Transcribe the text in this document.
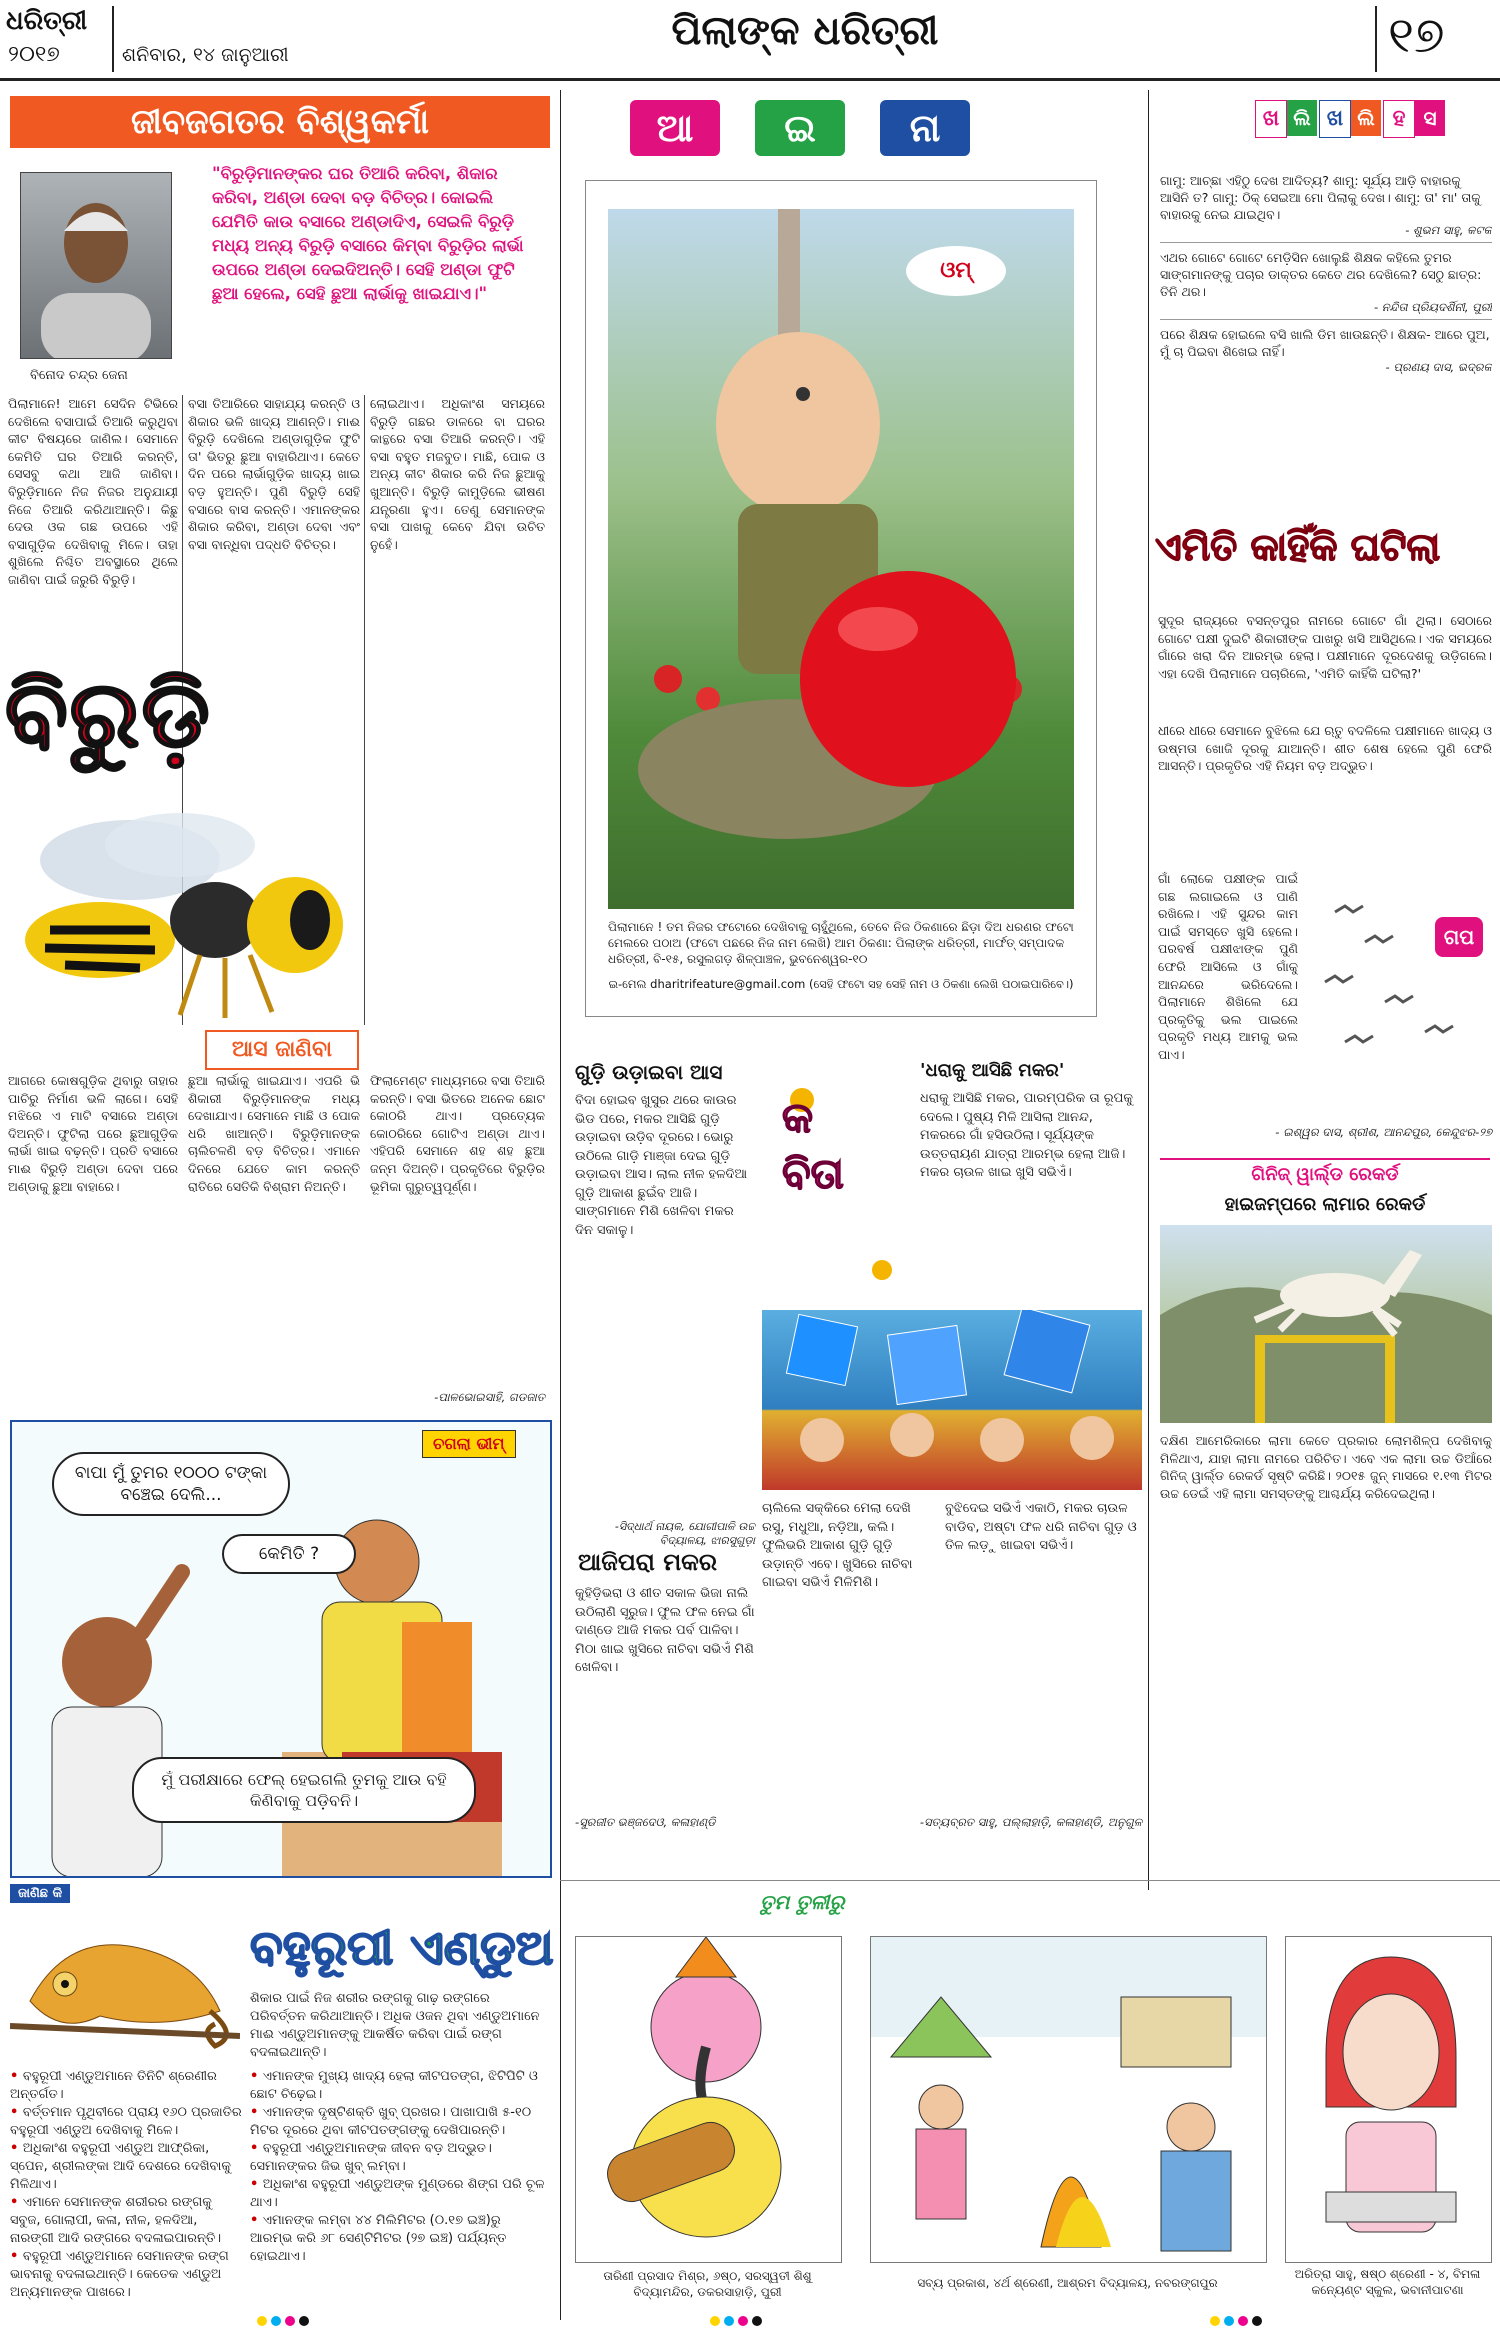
ଧରିତ୍ରୀ
୨୦୧୭	ଶନିବାର, ୧୪ ଜାନୁଆରୀ
ପିଲାଙ୍କ ଧରିତ୍ରୀ	୧୭
ଜୀବଜଗତର ବିଶ୍ୱକର୍ମା
ବିନୋଦ ଚନ୍ଦ୍ର ଜେନା
"ବିରୁଡ଼ିମାନଙ୍କର ଘର ତିଆରି କରିବା, ଶିକାର କରିବା, ଅଣ୍ଡା ଦେବା ବଡ଼ ବିଚିତ୍ର। କୋଇଲି ଯେମିତି କାଉ ବସାରେ ଅଣ୍ଡାଦିଏ, ସେଇଳି ବିରୁଡ଼ି ମଧ୍ୟ ଅନ୍ୟ ବିରୁଡ଼ି ବସାରେ କିମ୍ବା ବିରୁଡ଼ିର ଲାର୍ଭା ଉପରେ ଅଣ୍ଡା ଦେଇଦିଅନ୍ତି। ସେହି ଅଣ୍ଡା ଫୁଟି ଛୁଆ ହେଲେ, ସେହି ଛୁଆ ଲାର୍ଭାକୁ ଖାଇଯାଏ।"
ପିଲାମାନେ! ଆମେ ସେଦିନ ଟିଭିରେ ଦେଖିଲେ ବସାପାଇଁ ତିଆରି କରୁଥିବା କୀଟ ବିଷୟରେ ଜାଣିଲ। ସେମାନେ କେମିତି ଘର ତିଆରି କରନ୍ତି, ସେସବୁ କଥା ଆଜି ଜାଣିବା। ବିରୁଡ଼ିମାନେ ନିଜ ନିଜର ଅନୁଯାୟୀ ନିଜେ ତିଆରି କରିଥାଆନ୍ତି। କିଛୁ ଦେଉ ଓକ ଗଛ ଉପରେ ଏହି ବସାଗୁଡ଼ିକ ଦେଖିବାକୁ ମିଳେ। ତାହା ଶୁଖିଲେ ନିଶ୍ଚିତ ଅବସ୍ଥାରେ ଥିଲେ ଜାଣିବା ପାଇଁ ଜରୁରି ବିରୁଡ଼ି।
ବସା ତିଆରିରେ ସାହାଯ୍ୟ କରନ୍ତି ଓ ଶିକାର ଭଳି ଖାଦ୍ୟ ଆଣନ୍ତି। ମାଈ ବିରୁଡ଼ି ଦେଖିଲେ ଅଣ୍ଡାଗୁଡ଼ିକ ଫୁଟି ତା' ଭିତରୁ ଛୁଆ ବାହାରିଥାଏ। କେତେ ଦିନ ପରେ ଲାର୍ଭାଗୁଡ଼ିକ ଖାଦ୍ୟ ଖାଇ ବଡ଼ ହୁଅନ୍ତି। ପୁଣି ବିରୁଡ଼ି ସେହି ବସାରେ ବାସ କରନ୍ତି। ଏମାନଙ୍କର ଶିକାର କରିବା, ଅଣ୍ଡା ଦେବା ଏବଂ ବସା ବାନ୍ଧିବା ପଦ୍ଧତି ବିଚିତ୍ର।
ଲୋଇଥାଏ। ଅଧିକାଂଶ ସମୟରେ ବିରୁଡ଼ି ଗଛର ଡାଳରେ ବା ଘରର କାନ୍ଥରେ ବସା ତିଆରି କରନ୍ତି। ଏହି ବସା ବହୁତ ମଜବୁତ। ମାଛି, ପୋକ ଓ ଅନ୍ୟ କୀଟ ଶିକାର କରି ନିଜ ଛୁଆକୁ ଖୁଆନ୍ତି। ବିରୁଡ଼ି କାମୁଡ଼ିଲେ ଭୀଷଣ ଯନ୍ତ୍ରଣା ହୁଏ। ତେଣୁ ସେମାନଙ୍କ ବସା ପାଖକୁ କେବେ ଯିବା ଉଚିତ ନୁହେଁ।
ବିରୁଡ଼ି
ଆସ ଜାଣିବା
ଆଗରେ କୋଷଗୁଡ଼ିକ ଥିବାରୁ ତାହାର ପାଚିରୁ ନିର୍ମାଣ ଭଳି ଲାଗେ। ସେହି ମଝିରେ ଏ ମାଟି ବସାରେ ଅଣ୍ଡା ଦିଅନ୍ତି। ଫୁଟିଲା ପରେ ଛୁଆଗୁଡ଼ିକ ଲାର୍ଭା ଖାଇ ବଢ଼ନ୍ତି। ପ୍ରତି ବସାରେ ମାଈ ବିରୁଡ଼ି ଅଣ୍ଡା ଦେବା ପରେ ଅଣ୍ଡାକୁ ଛୁଆ ବାହାରେ।
ଛୁଆ ଲାର୍ଭାକୁ ଖାଇଯାଏ। ଏପରି ଭି ଶିକାରୀ ବିରୁଡ଼ିମାନଙ୍କ ମଧ୍ୟ ଦେଖାଯାଏ। ସେମାନେ ମାଛି ଓ ପୋକ ଧରି ଖାଆନ୍ତି। ବିରୁଡ଼ିମାନଙ୍କ ଚାଲିଚଳଣି ବଡ଼ ବିଚିତ୍ର। ଏମାନେ ଦିନରେ ଯେତେ କାମ କରନ୍ତି ରାତିରେ ସେତିକି ବିଶ୍ରାମ ନିଅନ୍ତି।
ଫିଲାମେଣ୍ଟ ମାଧ୍ୟମରେ ବସା ତିଆରି କରନ୍ତି। ବସା ଭିତରେ ଅନେକ ଛୋଟ କୋଠରି ଥାଏ। ପ୍ରତ୍ୟେକ କୋଠରିରେ ଗୋଟିଏ ଅଣ୍ଡା ଥାଏ। ଏହିପରି ସେମାନେ ଶହ ଶହ ଛୁଆ ଜନ୍ମ ଦିଅନ୍ତି। ପ୍ରକୃତିରେ ବିରୁଡ଼ିର ଭୂମିକା ଗୁରୁତ୍ୱପୂର୍ଣ୍ଣ।
-ପାଳଭୋଇସାହି, ଗଡଜାତ
ବାପା ମୁଁ ତୁମର ୧୦୦୦ ଟଙ୍କା ବଞ୍ଚେଇ ଦେଲି...
କେମିତି ?
ମୁଁ ପରୀକ୍ଷାରେ ଫେଲ୍ ହେଇଗଲି ତୁମକୁ ଆଉ ବହି କିଣିବାକୁ ପଡ଼ିବନି।
ଚଗଲା ଭୀମ୍
ଜାଣିଛ କି
ବହୁରୂପୀ ଏଣ୍ଡୁଅ
ଶିକାର ପାଇଁ ନିଜ ଶରୀର ରଙ୍ଗକୁ ଗାଢ଼ ରଙ୍ଗରେ ପରିବର୍ତ୍ତନ କରିଥାଆନ୍ତି। ଅଧିକ ଓଜନ ଥିବା ଏଣ୍ଡୁଅମାନେ ମାଈ ଏଣ୍ଡୁଅମାନଙ୍କୁ ଆକର୍ଷିତ କରିବା ପାଇଁ ରଙ୍ଗ ବଦଳାଇଥାନ୍ତି।

• ବହୁରୂପୀ ଏଣ୍ଡୁଅମାନେ ତିନିଟି ଶ୍ରେଣୀର ଅନ୍ତର୍ଗତ।

• ବର୍ତ୍ତମାନ ପୃଥିବୀରେ ପ୍ରାୟ ୧୬୦ ପ୍ରଜାତିର ବହୁରୂପୀ ଏଣ୍ଡୁଅ ଦେଖିବାକୁ ମିଳେ।

• ଅଧିକାଂଶ ବହୁରୂପୀ ଏଣ୍ଡୁଅ ଆଫ୍ରିକା, ସ୍ପେନ, ଶ୍ରୀଲଙ୍କା ଆଦି ଦେଶରେ ଦେଖିବାକୁ ମିଳିଥାଏ।

• ଏମାନେ ସେମାନଙ୍କ ଶରୀରର ରଙ୍ଗକୁ ସବୁଜ, ଗୋଲାପୀ, କଳା, ନୀଳ, ହଳଦିଆ, ନାରଙ୍ଗୀ ଆଦି ରଙ୍ଗରେ ବଦଳାଇପାରନ୍ତି।

• ବହୁରୂପୀ ଏଣ୍ଡୁଅମାନେ ସେମାନଙ୍କ ରଙ୍ଗ ଭାବନାକୁ ବଦଳାଇଥାନ୍ତି। କେତେକ ଏଣ୍ଡୁଅ ଅନ୍ୟମାନଙ୍କ ପାଖରେ।

• ଏମାନଙ୍କ ମୁଖ୍ୟ ଖାଦ୍ୟ ହେଲା କୀଟପତଙ୍ଗ, ଝିଟିପିଟି ଓ ଛୋଟ ଚିଢ଼େଇ।

• ଏମାନଙ୍କ ଦୃଷ୍ଟିଶକ୍ତି ଖୁବ୍ ପ୍ରଖର। ପାଖାପାଖି ୫-୧୦ ମିଟର ଦୂରରେ ଥିବା କୀଟପତଙ୍ଗଙ୍କୁ ଦେଖିପାରନ୍ତି।

• ବହୁରୂପୀ ଏଣ୍ଡୁଅମାନଙ୍କ ଜୀବନ ବଡ଼ ଅଦ୍ଭୁତ। ସେମାନଙ୍କର ଜିଭ ଖୁବ୍ ଲମ୍ବା।

• ଅଧିକାଂଶ ବହୁରୂପୀ ଏଣ୍ଡୁଅଙ୍କ ମୁଣ୍ଡରେ ଶିଙ୍ଗ ପରି ଚୂଳ ଥାଏ।

• ଏମାନଙ୍କ ଲମ୍ବା ୪୪ ମିଲିମିଟର (୦.୧୭ ଇଞ୍ଚ)ରୁ ଆରମ୍ଭ କରି ୬୮ ସେଣ୍ଟିମିଟର (୨୭ ଇଞ୍ଚ) ପର୍ଯ୍ୟନ୍ତ ହୋଇଥାଏ।

ଆ	ଇ	ନା
ଓମ୍
ପିଲାମାନେ ! ତମ ନିଜର ଫଟୋରେ ଦେଖିବାକୁ ଚାହୁଁଥିଲେ, ତେବେ ନିଜ ଠିକଣାରେ ଛିଡ଼ା ଦିଅ ଧରଣର ଫଟୋ ମେଲରେ ପଠାଅ (ଫଟୋ ପଛରେ ନିଜ ନାମ ଲେଖି) ଆମ ଠିକଣା: ପିଲାଙ୍କ ଧରିତ୍ରୀ, ମାର୍ଫତ୍ ସମ୍ପାଦକ ଧରିତ୍ରୀ, ବି-୧୫, ରସୁଲଗଡ଼ ଶିଳ୍ପାଞ୍ଚଳ, ଭୁବନେଶ୍ୱର-୧୦
ଇ-ମେଲ dharitrifeature@gmail.com (ସେହି ଫଟୋ ସହ ସେହି ନାମ ଓ ଠିକଣା ଲେଖି ପଠାଇପାରିବେ।)
ଗୁଡ଼ି ଉଡ଼ାଇବା ଆସ

ବିଦା ହୋଇବ ଖୁସୁର ଥରେ କାଉର ଭିଡ ପରେ, ମକର ଆସିଛି ଗୁଡ଼ି ଉଡ଼ାଇବା ଉଡ଼ିବ ଦୂରରେ। ଭୋରୁ ଉଠିଲେ ଗାଡ଼ି ମାଞ୍ଜା ଦେଇ ଗୁଡ଼ି ଉଡ଼ାଇବା ଆସ। ଲାଲ ନୀଳ ହଳଦିଆ ଗୁଡ଼ି ଆକାଶ ଛୁଇଁବ ଆଜି। ସାଙ୍ଗମାନେ ମିଶି ଖେଳିବା ମକର ଦିନ ସକାଳୁ।

-ସିଦ୍ଧାର୍ଥ ନାୟକ, ଯୋଗୀପାଳି ଉଚ୍ଚ ବିଦ୍ୟାଳୟ, ଝାରସୁଗୁଡ଼ା
କବିତା
'ଧରାକୁ ଆସିଛି ମକର'

ଧରାକୁ ଆସିଛି ମକର, ପାରମ୍ପରିକ ତା ରୂପକୁ ଦେଲେ। ପୁଷ୍ୟ ମିଳି ଆସିଲା ଆନନ୍ଦ, ମକରରେ ଗାଁ ହସିଉଠିଲା। ସୂର୍ଯ୍ୟଙ୍କ ଉତ୍ତରାୟଣ ଯାତ୍ରା ଆରମ୍ଭ ହେଲା ଆଜି। ମକର ଚାଉଳ ଖାଇ ଖୁସି ସଭିଏଁ।

ଚାଲିଲେ ସକ୍କିରେ ମେଲା ଦେଖି ରସୁ, ମଧୁଆ, ନଡ଼ିଆ, କଲି। ଫୁଲିଭରି ଆକାଶ ଗୁଡ଼ି ଗୁଡ଼ି ଉଡ଼ାନ୍ତି ଏବେ। ଖୁସିରେ ନାଚିବା ଗାଇବା ସଭିଏଁ ମିଳିମିଶି।

ବୁଝିଦେଇ ସଭିଏଁ ଏକାଠି, ମକର ଚାଉଳ ବାଡିବ, ଅଷ୍ଟା ଫଳ ଧରି ନାଚିବା ଗୁଡ଼ ଓ ତିଳ ଲଡ଼ୁ ଖାଇବା ସଭିଏଁ।

-ସତ୍ୟବ୍ରତ ସାହୁ, ପଲ୍ଲାହାଡ଼ି, କଳାହାଣ୍ଡି, ଅନୁଗୁଳ
ଆଜିପରା ମକର

କୁହିଡ଼ିଭରା ଓ ଶୀତ ସକାଳ ଭିଜା ନାଲି ଉଠିଲାଣି ସୂରୁଜ। ଫୁଲ ଫଳ ନେଇ ଗାଁ ଦାଣ୍ଡେ ଆଜି ମକର ପର୍ବ ପାଳିବା। ମିଠା ଖାଇ ଖୁସିରେ ନାଚିବା ସଭିଏଁ ମିଶି ଖେଳିବା।

-ସୁରଜୀତ ଭଞ୍ଜଦେଓ, କଳାହାଣ୍ଡି
ଖ ଲି ଖ ଲି ହ ସ

ଗାମୁ: ଆଚ୍ଛା ଏହିଠୁ ଦେଖ ଆଦିତ୍ୟ? ଶାମୁ: ସୂର୍ଯ୍ୟ ଆଡ଼ି ବାହାରକୁ ଆସିନି ତ? ଗାମୁ: ଠିକ୍ ସେଇଆ ମୋ ପିଲାକୁ ଦେଖ। ଶାମୁ: ତା' ମା' ତାକୁ ବାହାରକୁ ନେଇ ଯାଇଥିବ।

- ଶୁଭମ ସାହୁ, କଟକ

ଏଥର ଗୋଟେ ଗୋଟେ ମେଡ଼ିସିନ ଖୋଲୁଛି ଶିକ୍ଷକ କହିଲେ ତୁମର ସାଙ୍ଗମାନଙ୍କୁ ପଚାର ଡାକ୍ତର କେତେ ଥର ଦେଖିଲେ? ସେଠୁ ଛାତ୍ର: ତିନି ଥର।

- ନନ୍ଦିତା ପ୍ରିୟଦର୍ଶିନୀ, ପୁରୀ

ପରେ ଶିକ୍ଷକ ହୋଇଲେ ବସି ଖାଲି ଡିମ ଖାଉଛନ୍ତି। ଶିକ୍ଷକ- ଆରେ ପୁଅ, ମୁଁ ଚା ପିଇବା ଶିଖେଇ ନାହିଁ।

- ପ୍ରଣୟ ଦାସ, ଭଦ୍ରକ

ଏମିତି କାହିଁକି ଘଟିଲା
ସୁଦୂର ରାଜ୍ୟରେ ବସନ୍ତପୁର ନାମରେ ଗୋଟେ ଗାଁ ଥିଲା। ସେଠାରେ ଗୋଟେ ପକ୍ଷୀ ଦୁଇଟି ଶିକାରୀଙ୍କ ପାଖରୁ ଖସି ଆସିଥିଲେ। ଏକ ସମୟରେ ଗାଁରେ ଖରା ଦିନ ଆରମ୍ଭ ହେଲା। ପକ୍ଷୀମାନେ ଦୂରଦେଶକୁ ଉଡ଼ିଗଲେ। ଏହା ଦେଖି ପିଲାମାନେ ପଚାରିଲେ, 'ଏମିତି କାହିଁକି ଘଟିଲା?'
ଧୀରେ ଧୀରେ ସେମାନେ ବୁଝିଲେ ଯେ ଋତୁ ବଦଳିଲେ ପକ୍ଷୀମାନେ ଖାଦ୍ୟ ଓ ଉଷ୍ମତା ଖୋଜି ଦୂରକୁ ଯାଆନ୍ତି। ଶୀତ ଶେଷ ହେଲେ ପୁଣି ଫେରି ଆସନ୍ତି। ପ୍ରକୃତିର ଏହି ନିୟମ ବଡ଼ ଅଦ୍ଭୁତ।
ଗାଁ ଲୋକେ ପକ୍ଷୀଙ୍କ ପାଇଁ ଗଛ ଲଗାଇଲେ ଓ ପାଣି ରଖିଲେ। ଏହି ସୁନ୍ଦର କାମ ପାଇଁ ସମସ୍ତେ ଖୁସି ହେଲେ। ପରବର୍ଷ ପକ୍ଷୀଝାଙ୍କ ପୁଣି ଫେରି ଆସିଲେ ଓ ଗାଁକୁ ଆନନ୍ଦରେ ଭରିଦେଲେ। ପିଲାମାନେ ଶିଖିଲେ ଯେ ପ୍ରକୃତିକୁ ଭଲ ପାଇଲେ ପ୍ରକୃତି ମଧ୍ୟ ଆମକୁ ଭଲ ପାଏ।
ଗପ
- ଇଶ୍ୱର ଦାସ, ଶ୍ରୀଶ, ଆନନ୍ଦପୁର, କେନ୍ଦୁଝର-୨୭
ଗିନିଜ୍ ୱାର୍ଲ୍ଡ ରେକର୍ଡ
ହାଇଜମ୍ପରେ ଲାମାର ରେକର୍ଡ
ଦକ୍ଷିଣ ଆମେରିକାରେ ଲାମା କେତେ ପ୍ରକାର ଲୋମଶିଳ୍ପ ଦେଖିବାକୁ ମିଳିଥାଏ, ଯାହା ଲାମା ନାମରେ ପରିଚିତ। ଏବେ ଏକ ଲାମା ଉଚ୍ଚ ଡିଆଁରେ ଗିନିଜ୍ ୱାର୍ଲ୍ଡ ରେକର୍ଡ ସୃଷ୍ଟି କରିଛି। ୨୦୧୫ ଜୁନ୍ ମାସରେ ୧.୧୩ ମିଟର ଉଚ୍ଚ ଡେଇଁ ଏହି ଲାମା ସମସ୍ତଙ୍କୁ ଆଶ୍ଚର୍ଯ୍ୟ କରିଦେଇଥିଲା।
ତୁମ ତୁଳୀରୁ
ତାରିଣୀ ପ୍ରସାଦ ମିଶ୍ର, ୬ଷ୍ଠ, ସରସ୍ୱତୀ ଶିଶୁ ବିଦ୍ୟାମନ୍ଦିର, ଡକରସାହାଡ଼ି, ପୁରୀ
ସବ୍ୟ ପ୍ରକାଶ, ୪ର୍ଥ ଶ୍ରେଣୀ, ଆଶ୍ରମ ବିଦ୍ୟାଳୟ, ନବରଙ୍ଗପୁର
ଅରିତ୍ରା ସାହୁ, ଷଷ୍ଠ ଶ୍ରେଣୀ - ୪, ବିମଳା କନ୍ୟେଣ୍ଟ ସ୍କୁଲ, ଭବାନୀପାଟଣା
